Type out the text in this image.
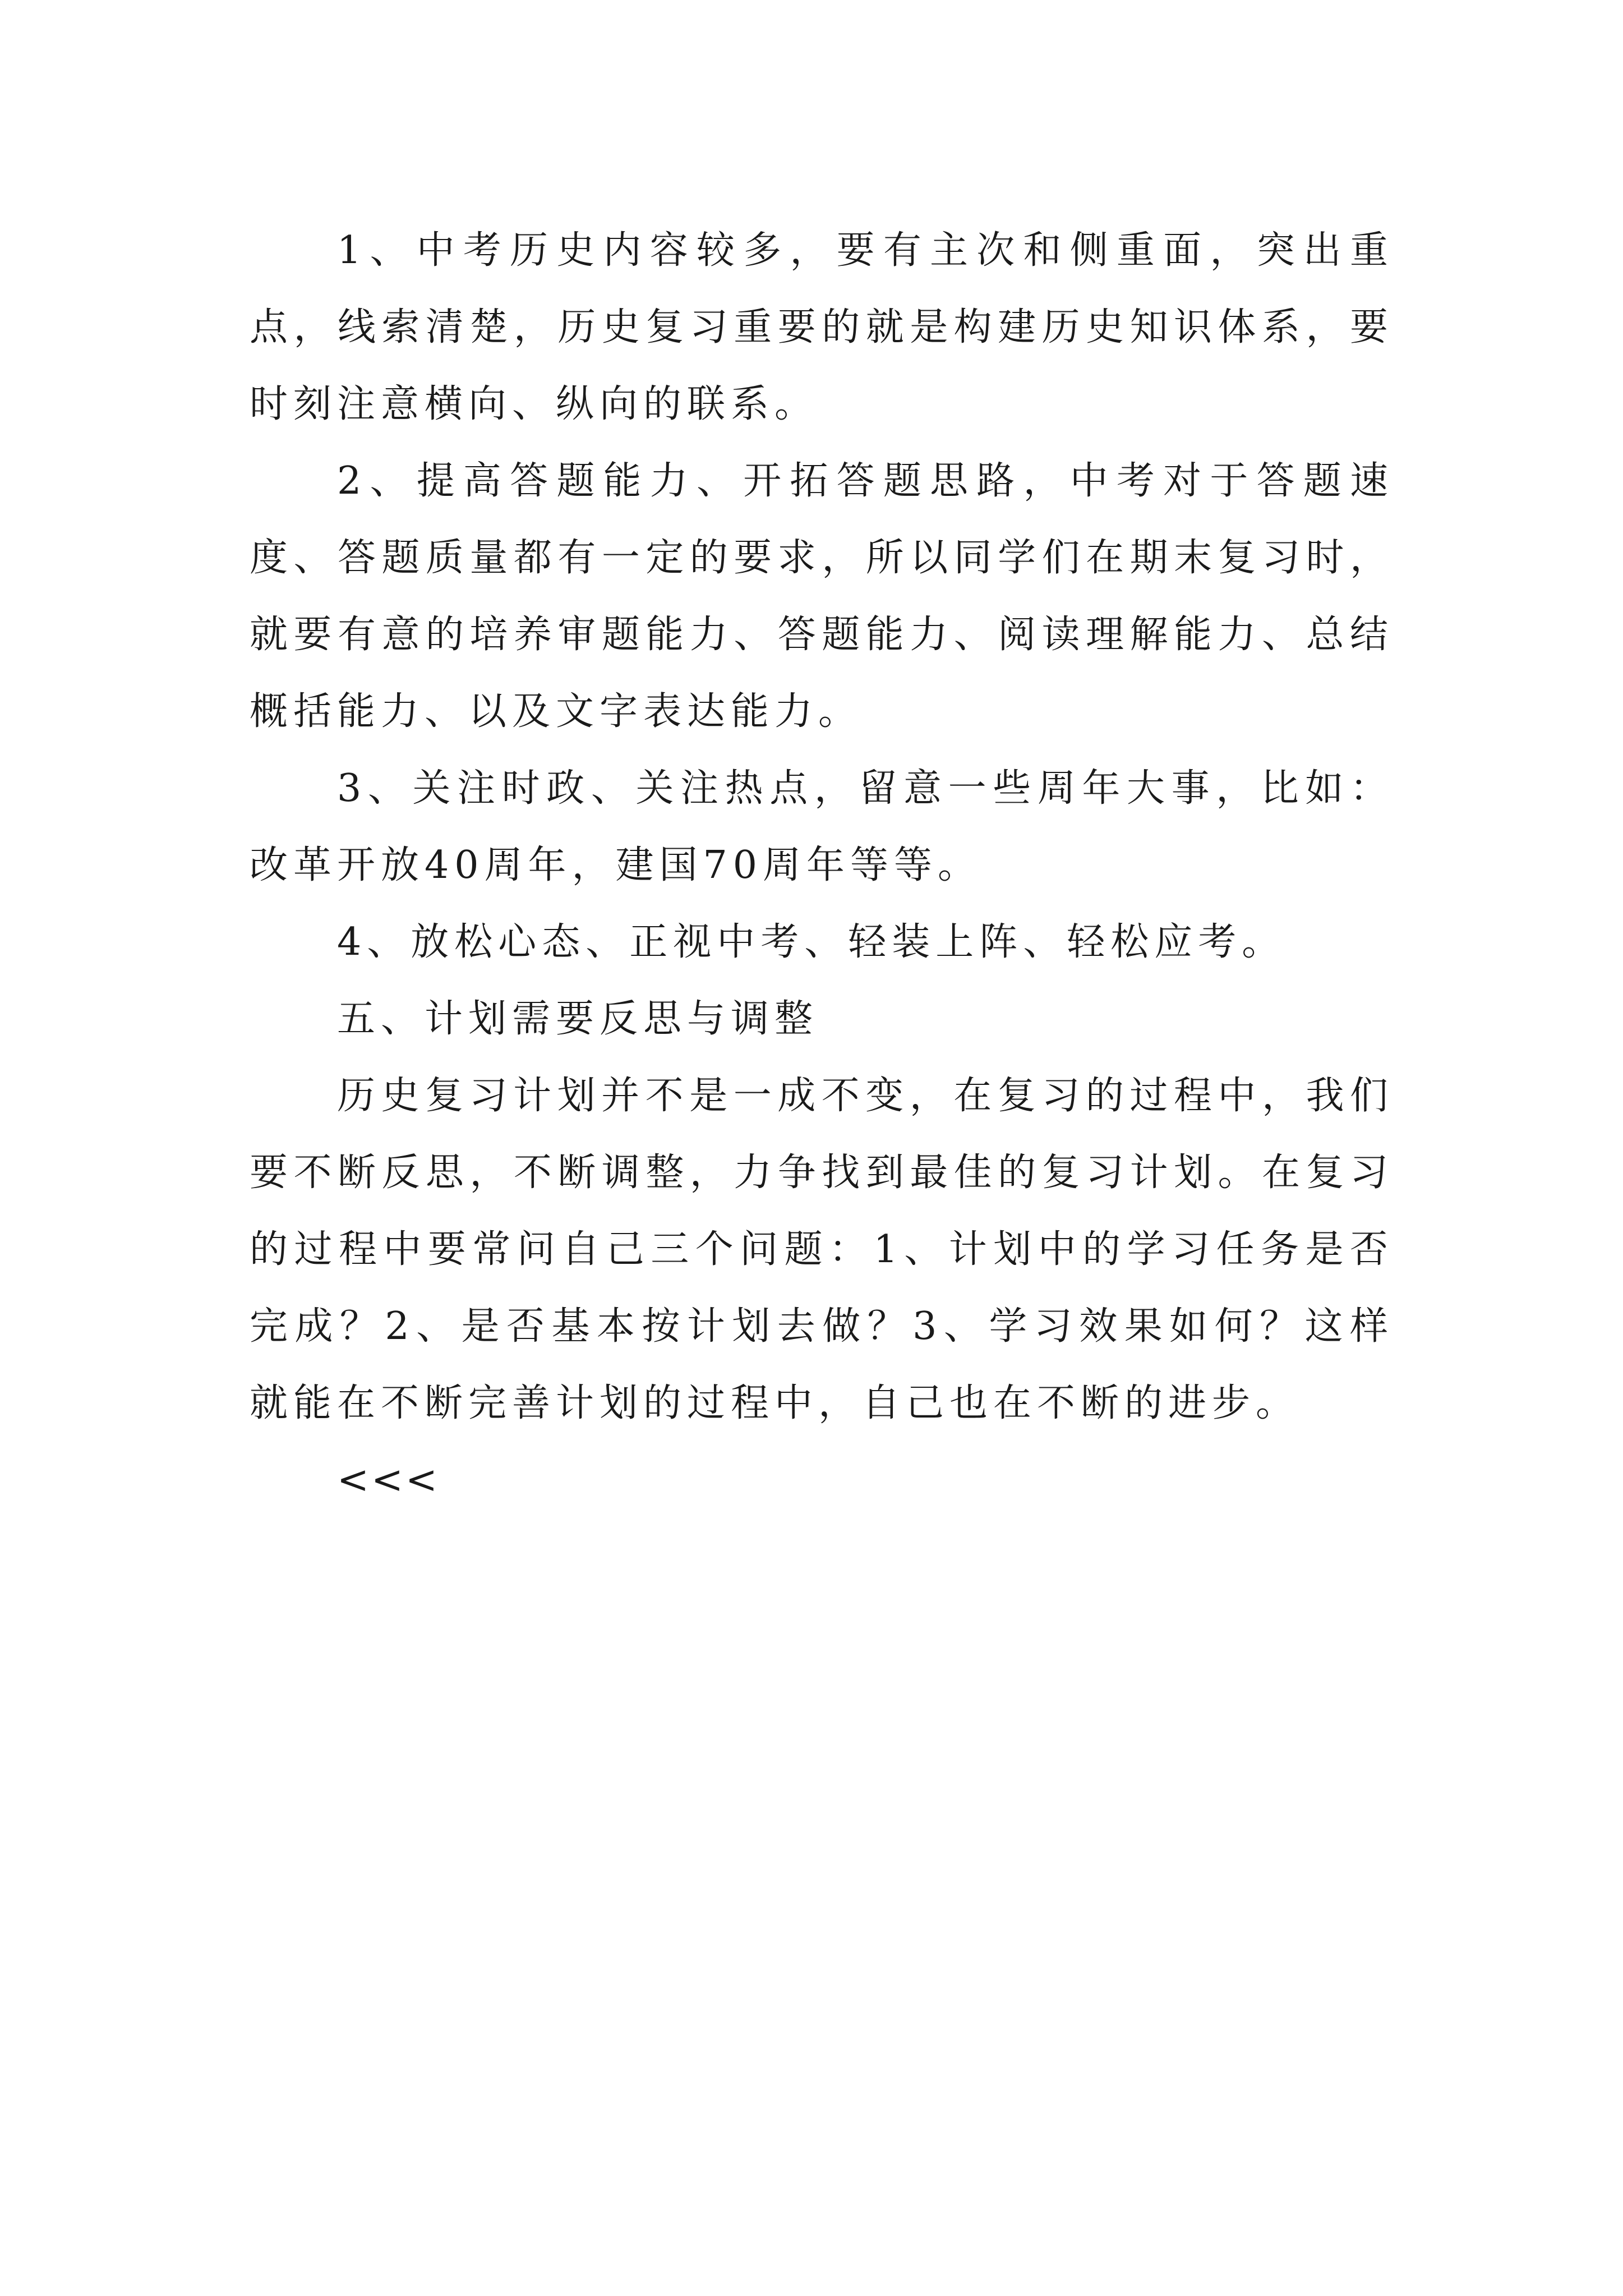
1、中考历史内容较多，要有主次和侧重面，突出重点，线索清楚，历史复习重要的就是构建历史知识体系，要时刻注意横向、纵向的联系。

2、提高答题能力、开拓答题思路，中考对于答题速度、答题质量都有一定的要求，所以同学们在期末复习时，就要有意的培养审题能力、答题能力、阅读理解能力、总结概括能力、以及文字表达能力。

3、关注时政、关注热点，留意一些周年大事，比如：改革开放40周年，建国70周年等等。

4、放松心态、正视中考、轻装上阵、轻松应考。

五、计划需要反思与调整

历史复习计划并不是一成不变，在复习的过程中，我们要不断反思，不断调整，力争找到最佳的复习计划。在复习的过程中要常问自己三个问题：1、计划中的学习任务是否完成？2、是否基本按计划去做？3、学习效果如何？这样就能在不断完善计划的过程中，自己也在不断的进步。

<<<
